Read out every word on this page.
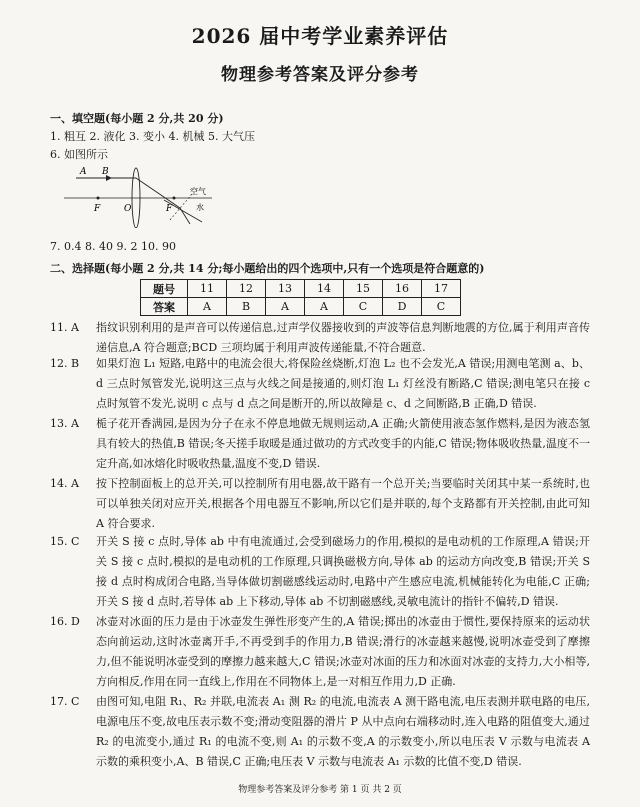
2026 届中考学业素养评估
物理参考答案及评分参考
一、填空题(每小题 2 分,共 20 分)
1. 粗互 2. 液化 3. 变小 4. 机械 5. 大气压
6. 如图所示
A B
F	O	F
空气
水
7. 0.4 8. 40 9. 2 10. 90
二、选择题(每小题 2 分,共 14 分;每小题给出的四个选项中,只有一个选项是符合题意的)
题号	11	12	13	14	15	16	17
答案	A	B	A	A	C	D	C
11. A 指纹识别利用的是声音可以传递信息,过声学仪器接收到的声波等信息判断地震的方位,属于利用声音传递信息,A 符合题意;BCD 三项均属于利用声波传递能量,不符合题意.
12. B 如果灯泡 L₁ 短路,电路中的电流会很大,将保险丝烧断,灯泡 L₂ 也不会发光,A 错误;用测电笔测 a、b、d 三点时氖管发光,说明这三点与火线之间是接通的,则灯泡 L₁ 灯丝没有断路,C 错误;测电笔只在接 c 点时氖管不发光,说明 c 点与 d 点之间是断开的,所以故障是 c、d 之间断路,B 正确,D 错误.
13. A 栀子花开香满园,是因为分子在永不停息地做无规则运动,A 正确;火箭使用液态氢作燃料,是因为液态氢具有较大的热值,B 错误;冬天搓手取暖是通过做功的方式改变手的内能,C 错误;物体吸收热量,温度不一定升高,如冰熔化时吸收热量,温度不变,D 错误.
14. A 按下控制面板上的总开关,可以控制所有用电器,故干路有一个总开关;当要临时关闭其中某一系统时,也可以单独关闭对应开关,根据各个用电器互不影响,所以它们是并联的,每个支路都有开关控制,由此可知 A 符合要求.
15. C 开关 S 接 c 点时,导体 ab 中有电流通过,会受到磁场力的作用,模拟的是电动机的工作原理,A 错误;开关 S 接 c 点时,模拟的是电动机的工作原理,只调换磁极方向,导体 ab 的运动方向改变,B 错误;开关 S 接 d 点时构成闭合电路,当导体做切割磁感线运动时,电路中产生感应电流,机械能转化为电能,C 正确;开关 S 接 d 点时,若导体 ab 上下移动,导体 ab 不切割磁感线,灵敏电流计的指针不偏转,D 错误.
16. D 冰壶对冰面的压力是由于冰壶发生弹性形变产生的,A 错误;掷出的冰壶由于惯性,要保持原来的运动状态向前运动,这时冰壶离开手,不再受到手的作用力,B 错误;滑行的冰壶越来越慢,说明冰壶受到了摩擦力,但不能说明冰壶受到的摩擦力越来越大,C 错误;冰壶对冰面的压力和冰面对冰壶的支持力,大小相等,方向相反,作用在同一直线上,作用在不同物体上,是一对相互作用力,D 正确.
17. C 由图可知,电阻 R₁、R₂ 并联,电流表 A₁ 测 R₂ 的电流,电流表 A 测干路电流,电压表测并联电路的电压,电源电压不变,故电压表示数不变;滑动变阻器的滑片 P 从中点向右端移动时,连入电路的阻值变大,通过 R₂ 的电流变小,通过 R₁ 的电流不变,则 A₁ 的示数不变,A 的示数变小,所以电压表 V 示数与电流表 A 示数的乘积变小,A、B 错误,C 正确;电压表 V 示数与电流表 A₁ 示数的比值不变,D 错误.
物理参考答案及评分参考 第 1 页 共 2 页
